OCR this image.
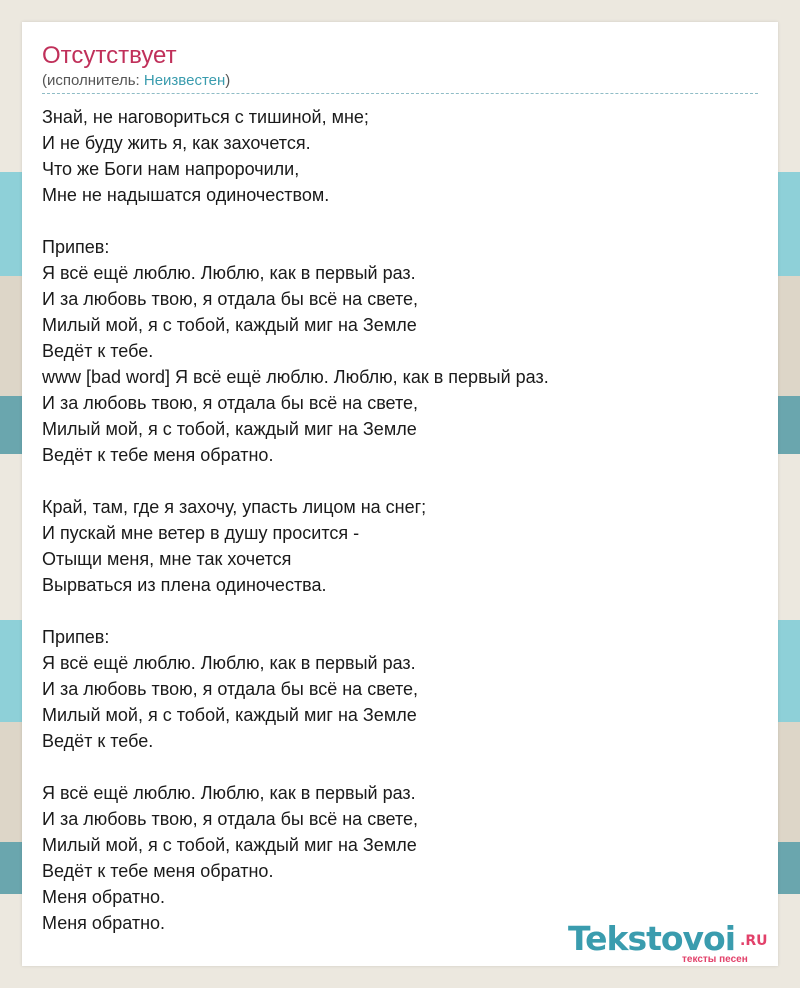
Отсутствует
(исполнитель: Неизвестен)
Знай, не наговориться с тишиной, мне;
И не буду жить я, как захочется.
Что же Боги нам напророчили,
Мне не надышатся одиночеством.
Припев:
Я всё ещё люблю. Люблю, как в первый раз.
И за любовь твою, я отдала бы всё на свете,
Милый мой, я с тобой, каждый миг на Земле
Ведёт к тебе.
www [bad word] Я всё ещё люблю. Люблю, как в первый раз.
И за любовь твою, я отдала бы всё на свете,
Милый мой, я с тобой, каждый миг на Земле
Ведёт к тебе меня обратно.
Край, там, где я захочу, упасть лицом на снег;
И пускай мне ветер в душу просится -
Отыщи меня, мне так хочется
Вырваться из плена одиночества.
Припев:
Я всё ещё люблю. Люблю, как в первый раз.
И за любовь твою, я отдала бы всё на свете,
Милый мой, я с тобой, каждый миг на Земле
Ведёт к тебе.
Я всё ещё люблю. Люблю, как в первый раз.
И за любовь твою, я отдала бы всё на свете,
Милый мой, я с тобой, каждый миг на Земле
Ведёт к тебе меня обратно.
Меня обратно.
Меня обратно.	Tekstovoi .RU
тексты песен
